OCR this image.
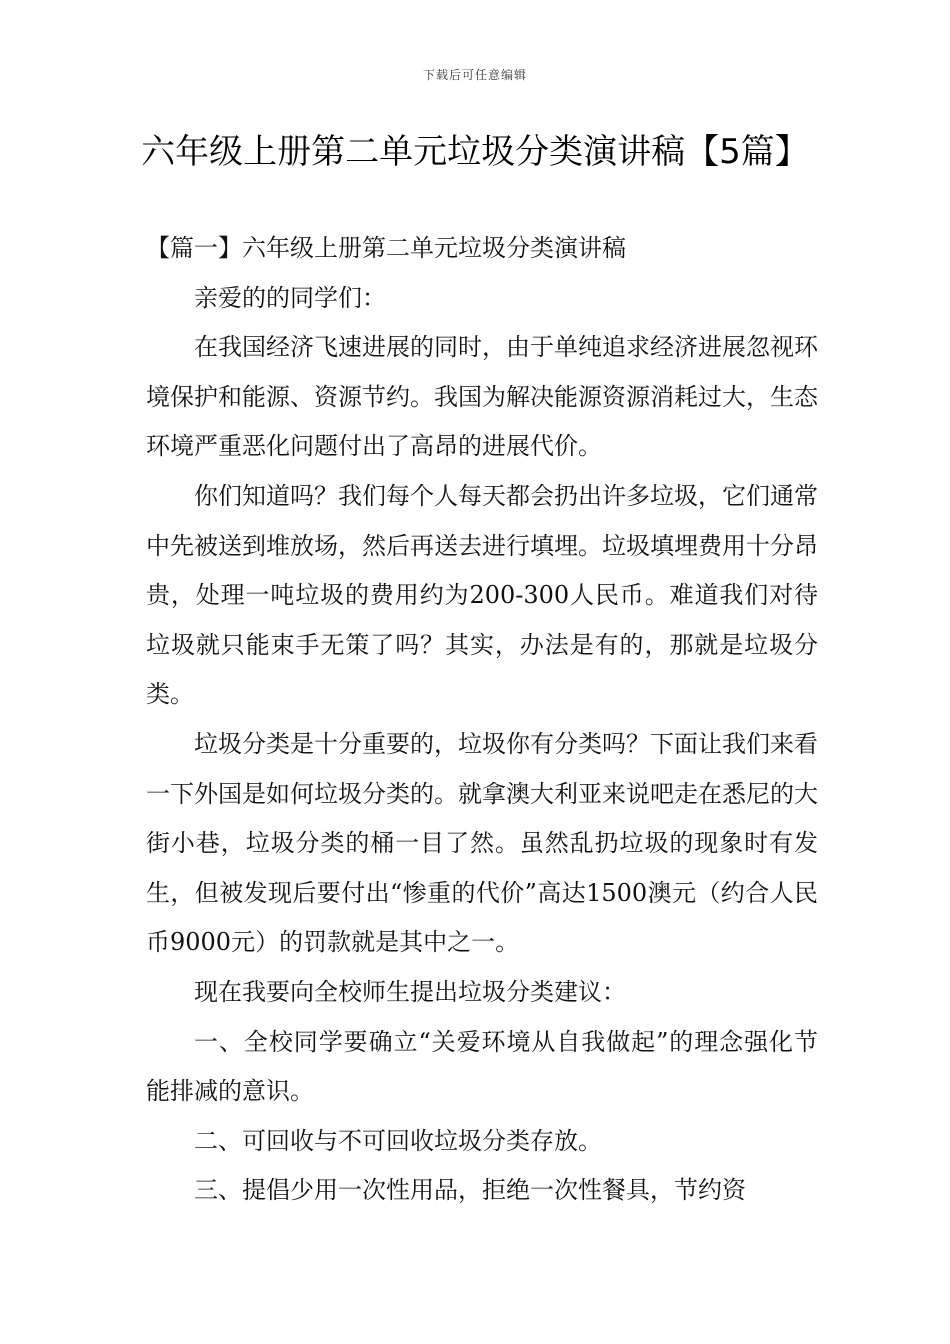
下载后可任意编辑
六年级上册第二单元垃圾分类演讲稿【5篇】

【篇一】六年级上册第二单元垃圾分类演讲稿

亲爱的的同学们：

在我国经济飞速进展的同时，由于单纯追求经济进展忽视环境保护和能源、资源节约。我国为解决能源资源消耗过大，生态环境严重恶化问题付出了高昂的进展代价。

你们知道吗？我们每个人每天都会扔出许多垃圾，它们通常中先被送到堆放场，然后再送去进行填埋。垃圾填埋费用十分昂贵，处理一吨垃圾的费用约为200-300人民币。难道我们对待垃圾就只能束手无策了吗？其实，办法是有的，那就是垃圾分类。

垃圾分类是十分重要的，垃圾你有分类吗？下面让我们来看一下外国是如何垃圾分类的。就拿澳大利亚来说吧走在悉尼的大街小巷，垃圾分类的桶一目了然。虽然乱扔垃圾的现象时有发生，但被发现后要付出“惨重的代价”高达1500澳元（约合人民币9000元）的罚款就是其中之一。

现在我要向全校师生提出垃圾分类建议：

一、全校同学要确立“关爱环境从自我做起”的理念强化节能排减的意识。

二、可回收与不可回收垃圾分类存放。

三、提倡少用一次性用品，拒绝一次性餐具，节约资
